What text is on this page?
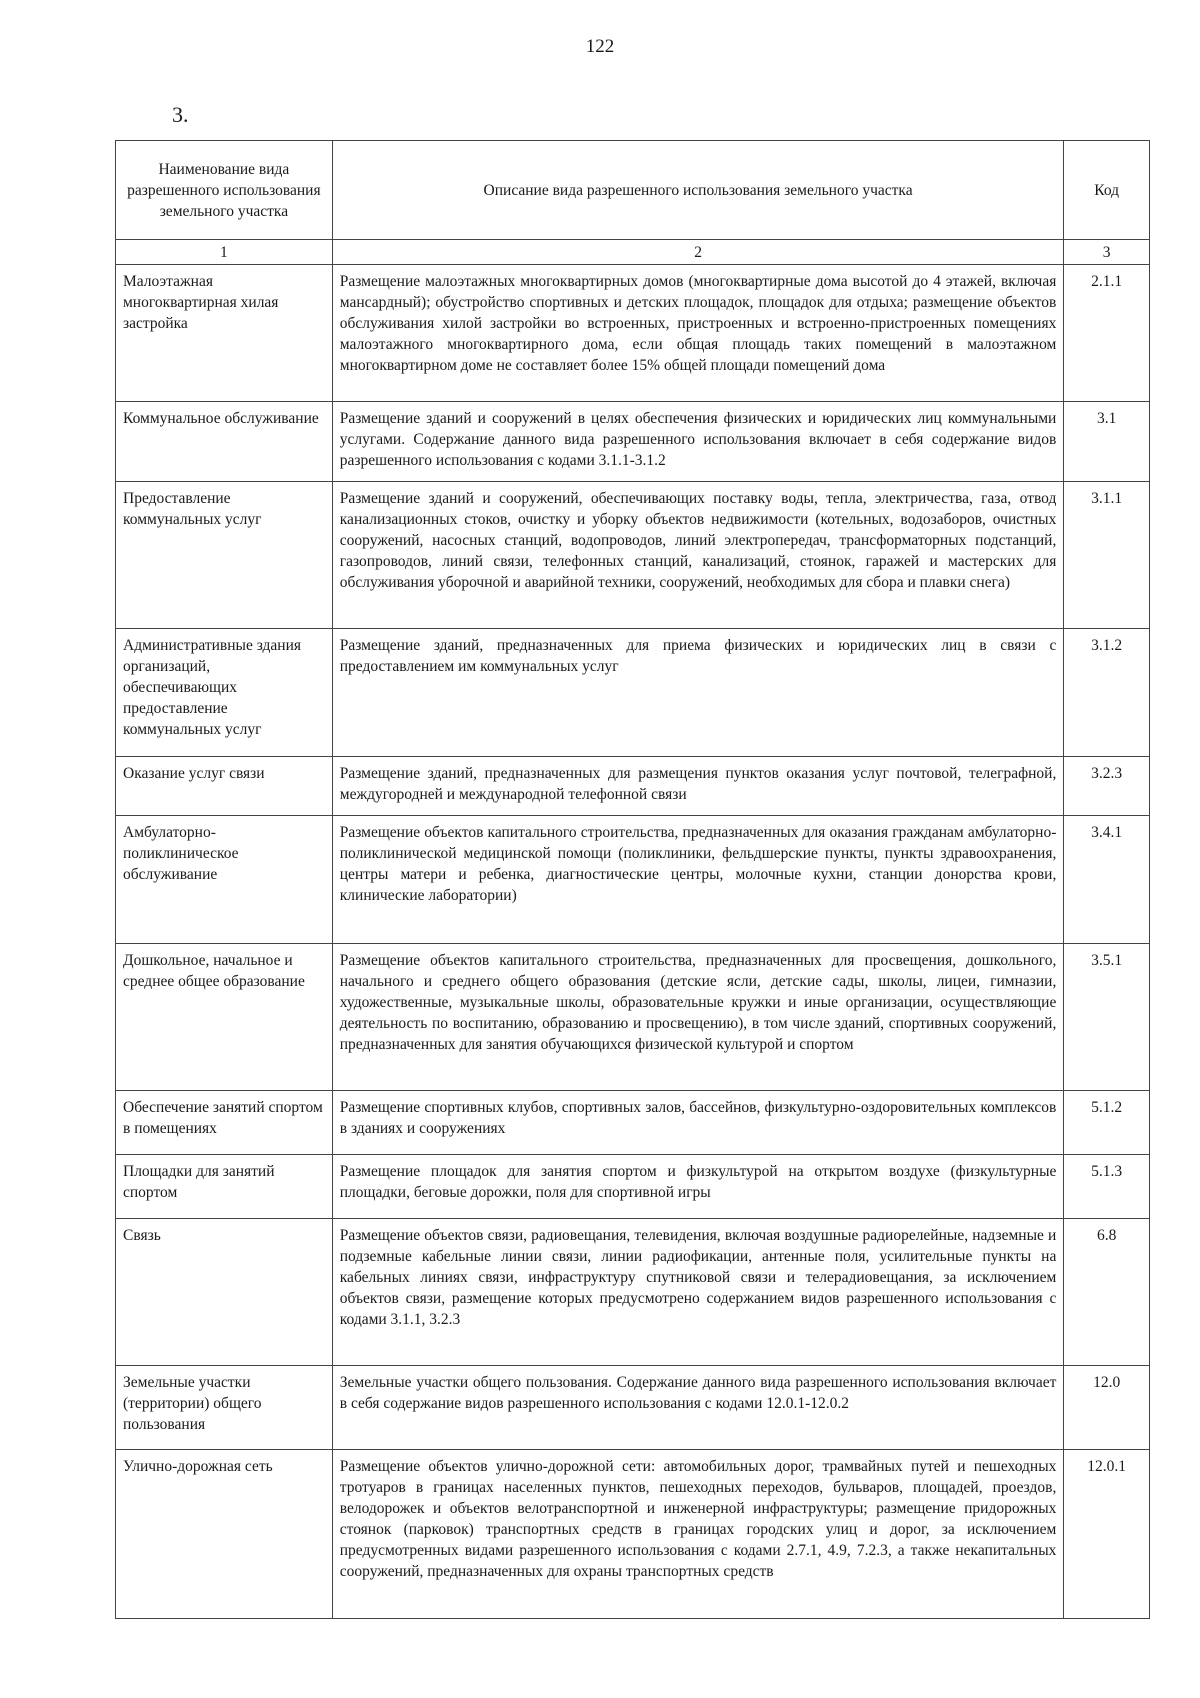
122
3.
Наименование вида разрешенного использования земельного участка	Описание вида разрешенного использования земельного участка	Код
1	2	3
Малоэтажная многоквартирная хилая застройка	Размещение малоэтажных многоквартирных домов (многоквартирные дома высотой до 4 этажей, включая мансардный); обустройство спортивных и детских площадок, площадок для отдыха; размещение объектов обслуживания хилой застройки во встроенных, пристроенных и встроенно-пристроенных помещениях малоэтажного многоквартирного дома, если общая площадь таких помещений в малоэтажном многоквартирном доме не составляет более 15% общей площади помещений дома	2.1.1
Коммунальное обслуживание	Размещение зданий и сооружений в целях обеспечения физических и юридических лиц коммунальными услугами. Содержание данного вида разрешенного использования включает в себя содержание видов разрешенного использования с кодами 3.1.1-3.1.2	3.1
Предоставление коммунальных услуг	Размещение зданий и сооружений, обеспечивающих поставку воды, тепла, электричества, газа, отвод канализационных стоков, очистку и уборку объектов недвижимости (котельных, водозаборов, очистных сооружений, насосных станций, водопроводов, линий электропередач, трансформаторных подстанций, газопроводов, линий связи, телефонных станций, канализаций, стоянок, гаражей и мастерских для обслуживания уборочной и аварийной техники, сооружений, необходимых для сбора и плавки снега)	3.1.1
Административные здания организаций, обеспечивающих предоставление коммунальных услуг	Размещение зданий, предназначенных для приема физических и юридических лиц в связи с предоставлением им коммунальных услуг	3.1.2
Оказание услуг связи	Размещение зданий, предназначенных для размещения пунктов оказания услуг почтовой, телеграфной, междугородней и международной телефонной связи	3.2.3
Амбулаторно-поликлиническое обслуживание	Размещение объектов капитального строительства, предназначенных для оказания гражданам амбулаторно-поликлинической медицинской помощи (поликлиники, фельдшерские пункты, пункты здравоохранения, центры матери и ребенка, диагностические центры, молочные кухни, станции донорства крови, клинические лаборатории)	3.4.1
Дошкольное, начальное и среднее общее образование	Размещение объектов капитального строительства, предназначенных для просвещения, дошкольного, начального и среднего общего образования (детские ясли, детские сады, школы, лицеи, гимназии, художественные, музыкальные школы, образовательные кружки и иные организации, осуществляющие деятельность по воспитанию, образованию и просвещению), в том числе зданий, спортивных сооружений, предназначенных для занятия обучающихся физической культурой и спортом	3.5.1
Обеспечение занятий спортом в помещениях	Размещение спортивных клубов, спортивных залов, бассейнов, физкультурно-оздоровительных комплексов в зданиях и сооружениях	5.1.2
Площадки для занятий спортом	Размещение площадок для занятия спортом и физкультурой на открытом воздухе (физкультурные площадки, беговые дорожки, поля для спортивной игры	5.1.3
Связь	Размещение объектов связи, радиовещания, телевидения, включая воздушные радиорелейные, надземные и подземные кабельные линии связи, линии радиофикации, антенные поля, усилительные пункты на кабельных линиях связи, инфраструктуру спутниковой связи и телерадиовещания, за исключением объектов связи, размещение которых предусмотрено содержанием видов разрешенного использования с кодами 3.1.1, 3.2.3	6.8
Земельные участки (территории) общего пользования	Земельные участки общего пользования. Содержание данного вида разрешенного использования включает в себя содержание видов разрешенного использования с кодами 12.0.1-12.0.2	12.0
Улично-дорожная сеть	Размещение объектов улично-дорожной сети: автомобильных дорог, трамвайных путей и пешеходных тротуаров в границах населенных пунктов, пешеходных переходов, бульваров, площадей, проездов, велодорожек и объектов велотранспортной и инженерной инфраструктуры; размещение придорожных стоянок (парковок) транспортных средств в границах городских улиц и дорог, за исключением предусмотренных видами разрешенного использования с кодами 2.7.1, 4.9, 7.2.3, а также некапитальных сооружений, предназначенных для охраны транспортных средств	12.0.1
